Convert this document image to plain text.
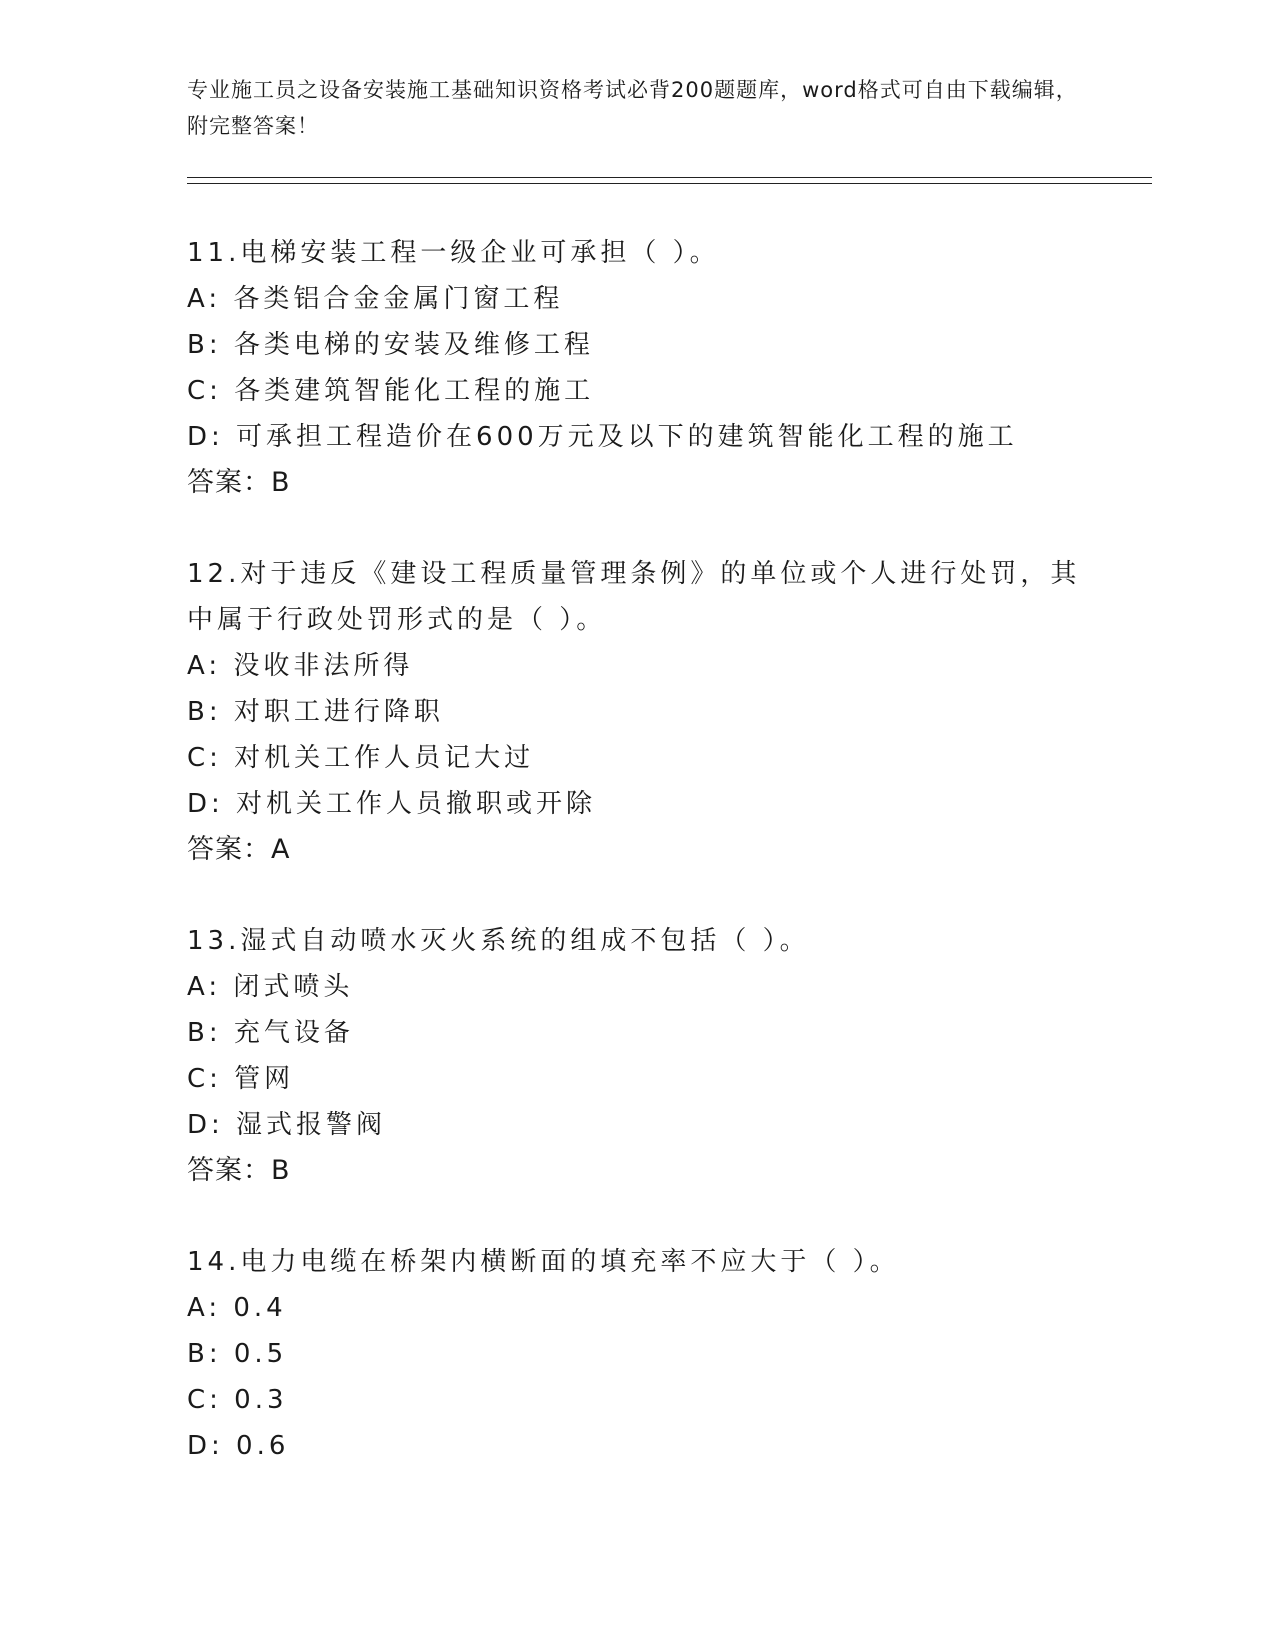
专业施工员之设备安装施工基础知识资格考试必背200题题库，word格式可自由下载编辑，附完整答案！
11.电梯安装工程一级企业可承担（ ）。
A: 各类铝合金金属门窗工程
B: 各类电梯的安装及维修工程
C: 各类建筑智能化工程的施工
D: 可承担工程造价在600万元及以下的建筑智能化工程的施工
答案：B
12.对于违反《建设工程质量管理条例》的单位或个人进行处罚，其中属于行政处罚形式的是（ ）。
A: 没收非法所得
B: 对职工进行降职
C: 对机关工作人员记大过
D: 对机关工作人员撤职或开除
答案：A
13.湿式自动喷水灭火系统的组成不包括（ ）。
A: 闭式喷头
B: 充气设备
C: 管网
D: 湿式报警阀
答案：B
14.电力电缆在桥架内横断面的填充率不应大于（ ）。
A: 0.4
B: 0.5
C: 0.3
D: 0.6
